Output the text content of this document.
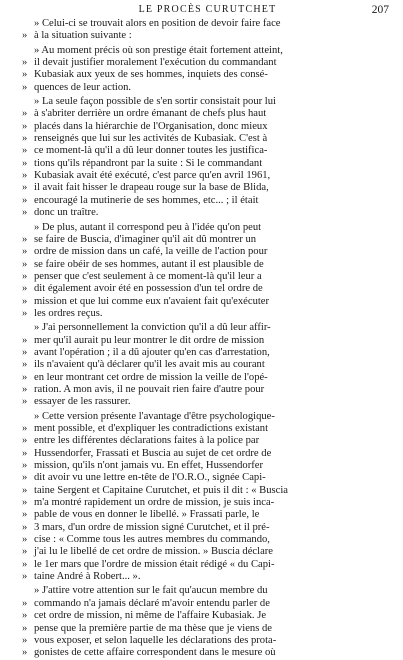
LE PROCÈS CURUTCHET	207
» Celui-ci se trouvait alors en position de devoir faire face
» à la situation suivante :
» Au moment précis où son prestige était fortement atteint,
» il devait justifier moralement l'exécution du commandant
» Kubasiak aux yeux de ses hommes, inquiets des consé-
» quences de leur action.
» La seule façon possible de s'en sortir consistait pour lui
» à s'abriter derrière un ordre émanant de chefs plus haut
» placés dans la hiérarchie de l'Organisation, donc mieux
» renseignés que lui sur les activités de Kubasiak. C'est à
» ce moment-là qu'il a dû leur donner toutes les justifica-
» tions qu'ils répandront par la suite : Si le commandant
» Kubasiak avait été exécuté, c'est parce qu'en avril 1961,
» il avait fait hisser le drapeau rouge sur la base de Blida,
» encouragé la mutinerie de ses hommes, etc... ; il était
» donc un traître.
» De plus, autant il correspond peu à l'idée qu'on peut
» se faire de Buscia, d'imaginer qu'il ait dû montrer un
» ordre de mission dans un café, la veille de l'action pour
» se faire obéir de ses hommes, autant il est plausible de
» penser que c'est seulement à ce moment-là qu'il leur a
» dit également avoir été en possession d'un tel ordre de
» mission et que lui comme eux n'avaient fait qu'exécuter
» les ordres reçus.
» J'ai personnellement la conviction qu'il a dû leur affir-
» mer qu'il aurait pu leur montrer le dit ordre de mission
» avant l'opération ; il a dû ajouter qu'en cas d'arrestation,
» ils n'avaient qu'à déclarer qu'il les avait mis au courant
» en leur montrant cet ordre de mission la veille de l'opé-
» ration. A mon avis, il ne pouvait rien faire d'autre pour
» essayer de les rassurer.
» Cette version présente l'avantage d'être psychologique-
» ment possible, et d'expliquer les contradictions existant
» entre les différentes déclarations faites à la police par
» Hussendorfer, Frassati et Buscia au sujet de cet ordre de
» mission, qu'ils n'ont jamais vu. En effet, Hussendorfer
» dit avoir vu une lettre en-tête de l'O.R.O., signée Capi-
» taine Sergent et Capitaine Curutchet, et puis il dit : « Buscia
» m'a montré rapidement un ordre de mission, je suis inca-
» pable de vous en donner le libellé. » Frassati parle, le
» 3 mars, d'un ordre de mission signé Curutchet, et il pré-
» cise : « Comme tous les autres membres du commando,
» j'ai lu le libellé de cet ordre de mission. » Buscia déclare
» le 1er mars que l'ordre de mission était rédigé « du Capi-
» taine André à Robert... ».
» J'attire votre attention sur le fait qu'aucun membre du
» commando n'a jamais déclaré m'avoir entendu parler de
» cet ordre de mission, ni même de l'affaire Kubasiak. Je
» pense que la première partie de ma thèse que je viens de
» vous exposer, et selon laquelle les déclarations des prota-
» gonistes de cette affaire correspondent dans le mesure où
